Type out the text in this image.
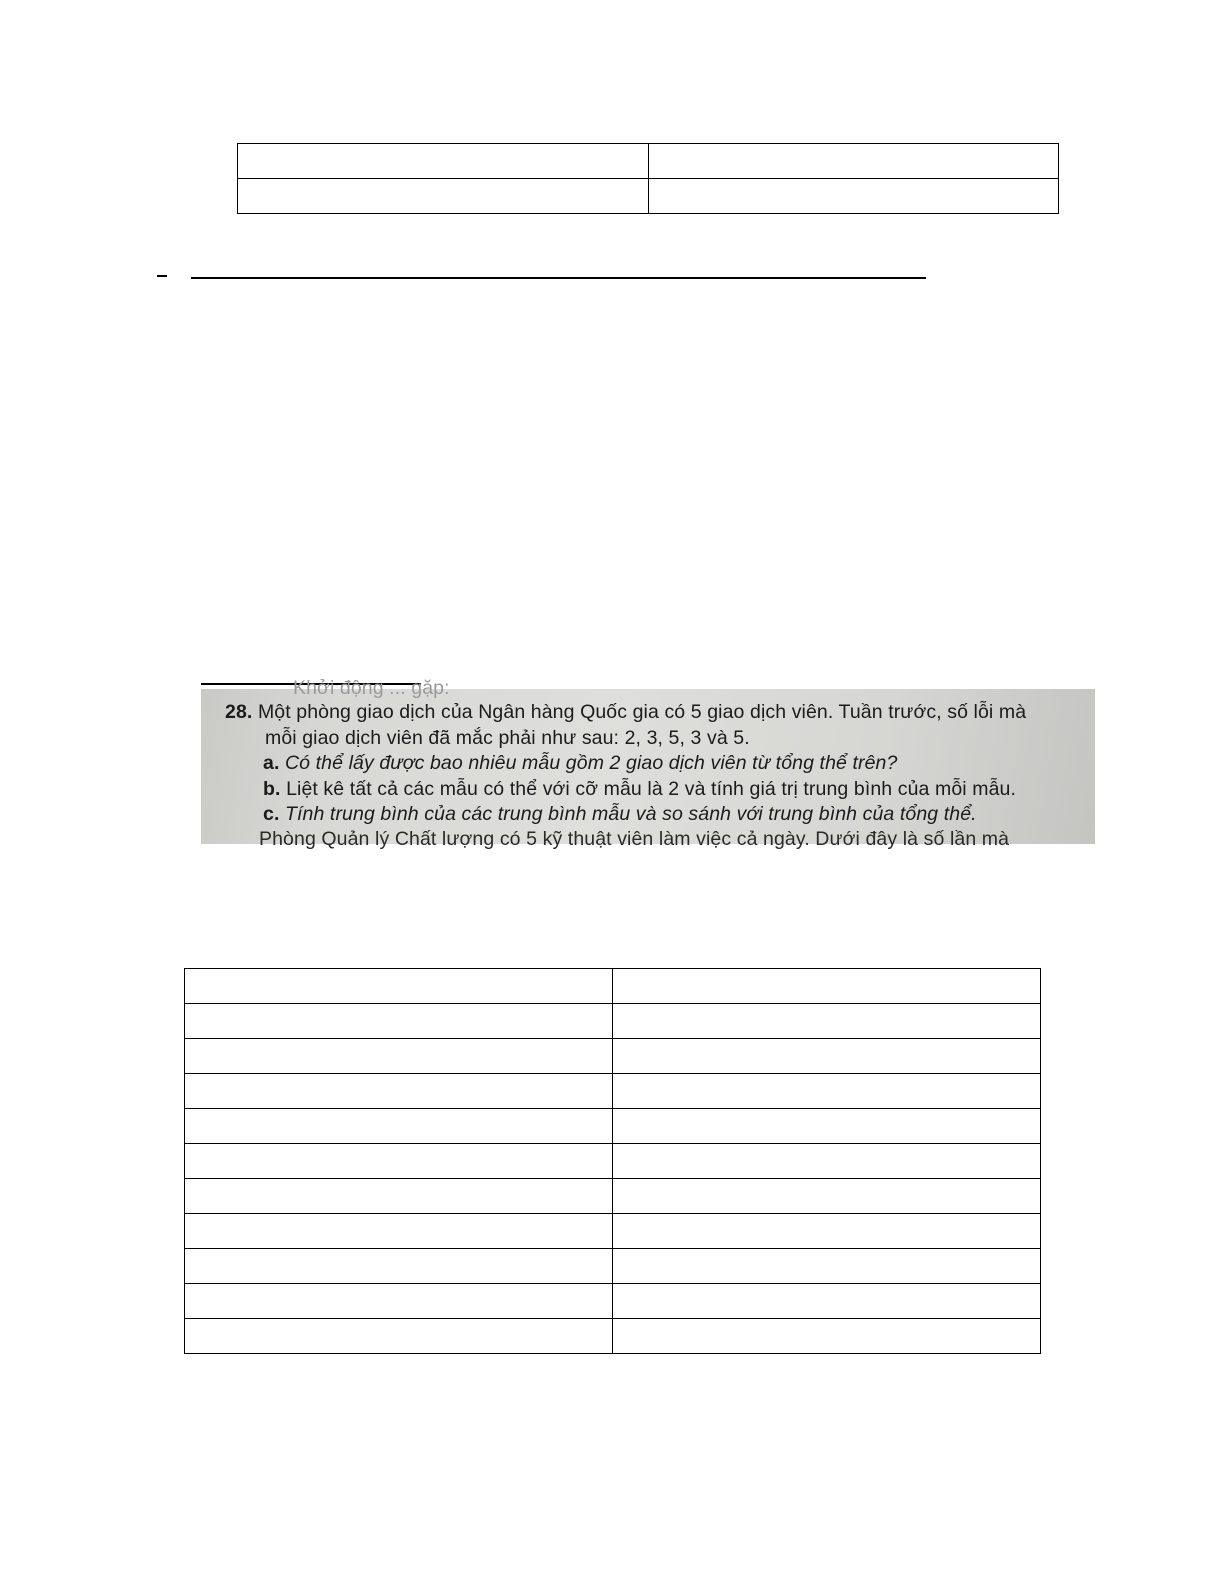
Khởi động ... gặp:
28. Một phòng giao dịch của Ngân hàng Quốc gia có 5 giao dịch viên. Tuần trước, số lỗi mà
mỗi giao dịch viên đã mắc phải như sau: 2, 3, 5, 3 và 5.
a. Có thể lấy được bao nhiêu mẫu gồm 2 giao dịch viên từ tổng thể trên?
b. Liệt kê tất cả các mẫu có thể với cỡ mẫu là 2 và tính giá trị trung bình của mỗi mẫu.
c. Tính trung bình của các trung bình mẫu và so sánh với trung bình của tổng thể.
Phòng Quản lý Chất lượng có 5 kỹ thuật viên làm việc cả ngày. Dưới đây là số lần mà
